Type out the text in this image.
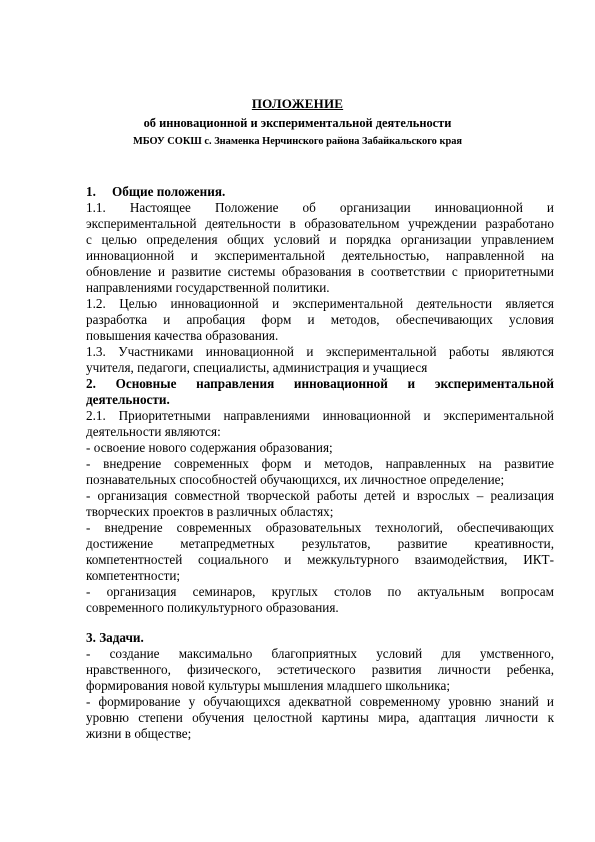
ПОЛОЖЕНИЕ
об инновационной и экспериментальной деятельности
МБОУ СОКШ с. Знаменка Нерчинского района Забайкальского края
1. Общие положения.
1.1. Настоящее Положение об организации инновационной и
экспериментальной деятельности в образовательном учреждении разработано
с целью определения общих условий и порядка организации управлением
инновационной и экспериментальной деятельностью, направленной на
обновление и развитие системы образования в соответствии с приоритетными
направлениями государственной политики.
1.2. Целью инновационной и экспериментальной деятельности является
разработка и апробация форм и методов, обеспечивающих условия
повышения качества образования.
1.3. Участниками инновационной и экспериментальной работы являются
учителя, педагоги, специалисты, администрация и учащиеся
2. Основные направления инновационной и экспериментальной
деятельности.
2.1. Приоритетными направлениями инновационной и экспериментальной
деятельности являются:
- освоение нового содержания образования;
- внедрение современных форм и методов, направленных на развитие
познавательных способностей обучающихся, их личностное определение;
- организация совместной творческой работы детей и взрослых – реализация
творческих проектов в различных областях;
- внедрение современных образовательных технологий, обеспечивающих
достижение метапредметных результатов, развитие креативности,
компетентностей социального и межкультурного взаимодействия, ИКТ-
компетентности;
- организация семинаров, круглых столов по актуальным вопросам
современного поликультурного образования.
3. Задачи.
- создание максимально благоприятных условий для умственного,
нравственного, физического, эстетического развития личности ребенка,
формирования новой культуры мышления младшего школьника;
- формирование у обучающихся адекватной современному уровню знаний и
уровню степени обучения целостной картины мира, адаптация личности к
жизни в обществе;
